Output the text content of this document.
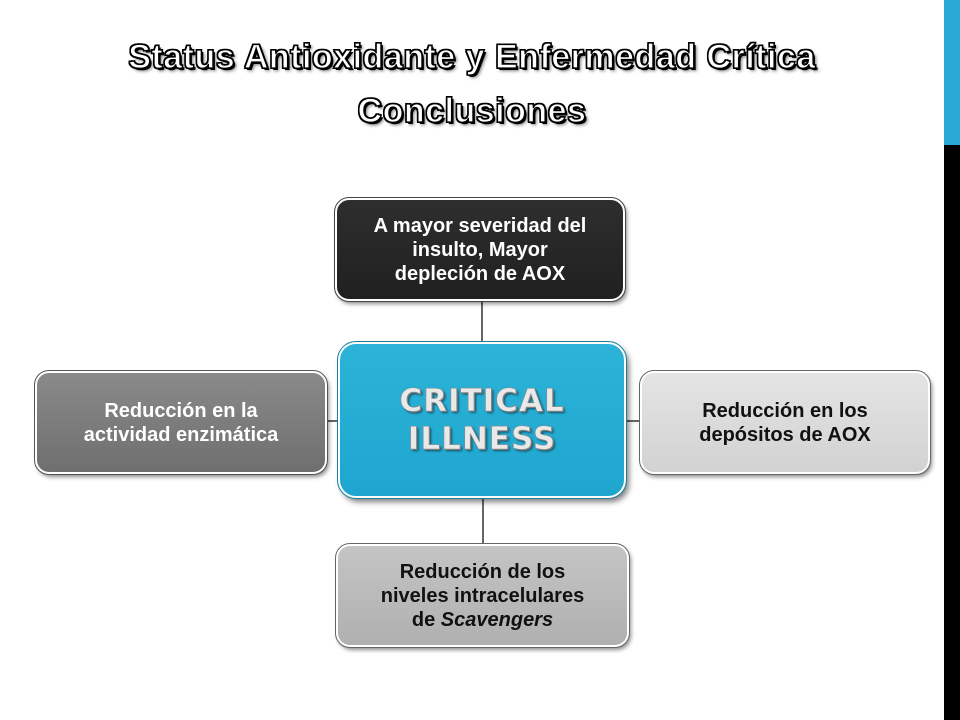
Status Antioxidante y Enfermedad Crítica
Conclusiones
A mayor severidad del
insulto, Mayor
depleción de AOX
Reducción en la
actividad enzimática
Reducción en los
depósitos de AOX
Reducción de los
niveles intracelulares
de Scavengers
CRITICAL
ILLNESS
